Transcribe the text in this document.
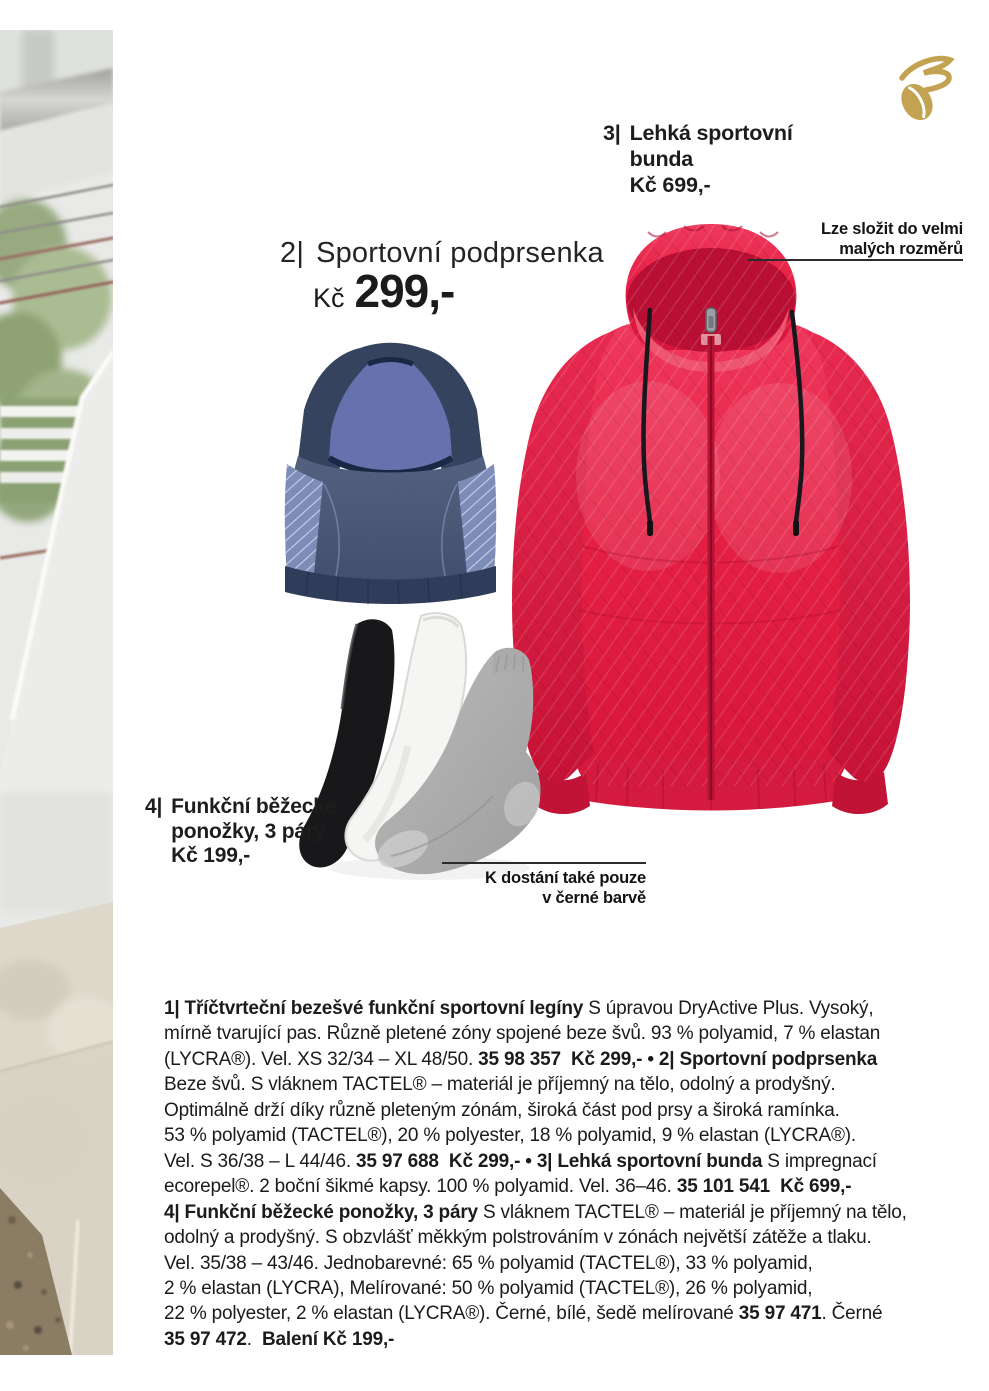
3| Lehká sportovní
bunda
Kč 699,-
Lze složit do velmi
malých rozměrů
2| Sportovní podprsenka
Kč 299,-
4| Funkční běžecké
ponožky, 3 páry
Kč 199,-
K dostání také pouze
v černé barvě
1| Tříčtvrteční bezešvé funkční sportovní legíny S úpravou DryActive Plus. Vysoký,
mírně tvarující pas. Různě pletené zóny spojené beze švů. 93 % polyamid, 7 % elastan
(LYCRA®). Vel. XS 32/34 – XL 48/50. 35 98 357  Kč 299,- • 2| Sportovní podprsenka
Beze švů. S vláknem TACTEL® – materiál je příjemný na tělo, odolný a prodyšný.
Optimálně drží díky různě pleteným zónám, široká část pod prsy a široká ramínka.
53 % polyamid (TACTEL®), 20 % polyester, 18 % polyamid, 9 % elastan (LYCRA®).
Vel. S 36/38 – L 44/46. 35 97 688  Kč 299,- • 3| Lehká sportovní bunda S impregnací
ecorepel®. 2 boční šikmé kapsy. 100 % polyamid. Vel. 36–46. 35 101 541  Kč 699,-
4| Funkční běžecké ponožky, 3 páry S vláknem TACTEL® – materiál je příjemný na tělo,
odolný a prodyšný. S obzvlášť měkkým polstrováním v zónách největší zátěže a tlaku.
Vel. 35/38 – 43/46. Jednobarevné: 65 % polyamid (TACTEL®), 33 % polyamid,
2 % elastan (LYCRA), Melírované: 50 % polyamid (TACTEL®), 26 % polyamid,
22 % polyester, 2 % elastan (LYCRA®). Černé, bílé, šedě melírované 35 97 471. Černé
35 97 472.  Balení Kč 199,-
